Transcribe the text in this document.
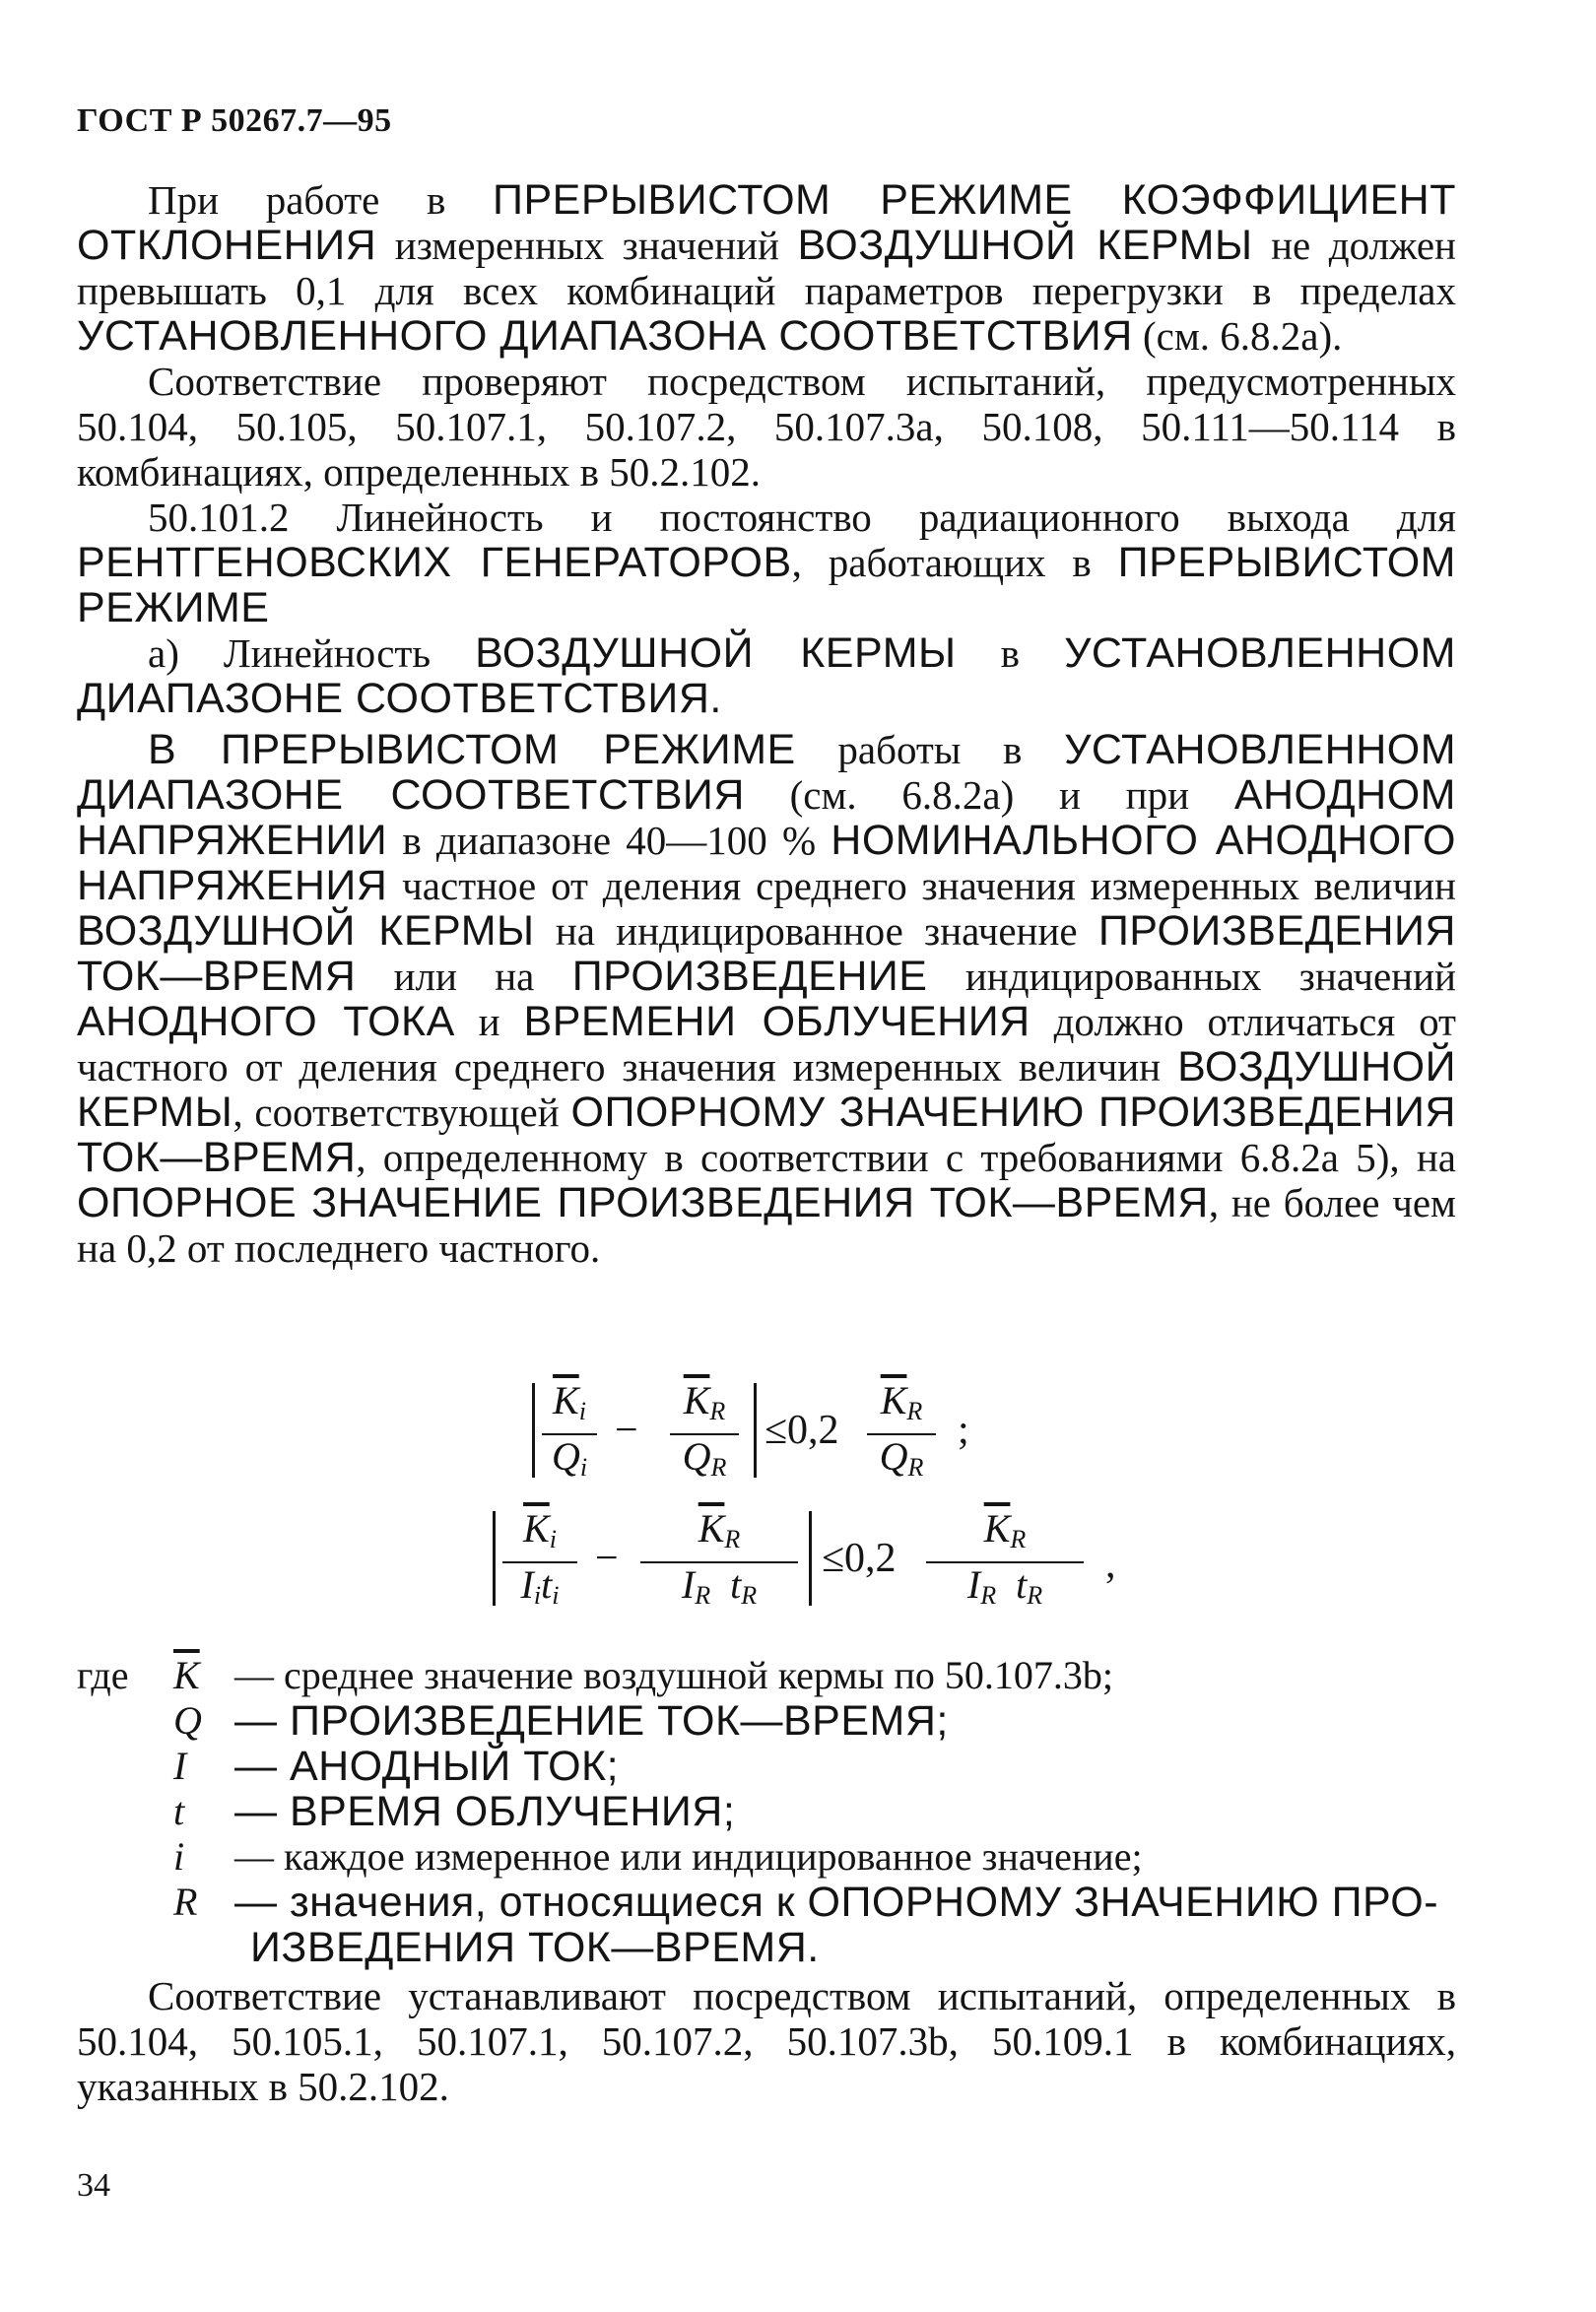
ГОСТ Р 50267.7—95

При работе в ПРЕРЫВИСТОМ РЕЖИМЕ КОЭФФИЦИЕНТ ОТКЛОНЕНИЯ измеренных значений ВОЗДУШНОЙ КЕРМЫ не должен превышать 0,1 для всех комбинаций параметров перегрузки в пределах УСТАНОВЛЕННОГО ДИАПАЗОНА СООТВЕТСТВИЯ (см. 6.8.2а).

Соответствие проверяют посредством испытаний, предусмотренных 50.104, 50.105, 50.107.1, 50.107.2, 50.107.3а, 50.108, 50.111—50.114 в комбинациях, определенных в 50.2.102.

50.101.2 Линейность и постоянство радиационного выхода для РЕНТГЕНОВСКИХ ГЕНЕРАТОРОВ, работающих в ПРЕРЫВИСТОМ РЕЖИМЕ

а) Линейность ВОЗДУШНОЙ КЕРМЫ в УСТАНОВЛЕННОМ ДИАПАЗОНЕ СООТВЕТСТВИЯ.

В ПРЕРЫВИСТОМ РЕЖИМЕ работы в УСТАНОВЛЕННОМ ДИАПАЗОНЕ СООТВЕТСТВИЯ (см. 6.8.2а) и при АНОДНОМ НАПРЯЖЕНИИ в диапазоне 40—100 % НОМИНАЛЬНОГО АНОДНОГО НАПРЯЖЕНИЯ частное от деления среднего значения измеренных величин ВОЗДУШНОЙ КЕРМЫ на индицированное значение ПРОИЗВЕДЕНИЯ ТОК—ВРЕМЯ или на ПРОИЗВЕДЕНИЕ индицированных значений АНОДНОГО ТОКА и ВРЕМЕНИ ОБЛУЧЕНИЯ должно отличаться от частного от деления среднего значения измеренных величин ВОЗДУШНОЙ КЕРМЫ, соответствующей ОПОРНОМУ ЗНАЧЕНИЮ ПРОИЗВЕДЕНИЯ ТОК—ВРЕМЯ, определенному в соответствии с требованиями 6.8.2а 5), на ОПОРНОЕ ЗНАЧЕНИЕ ПРОИЗВЕДЕНИЯ ТОК—ВРЕМЯ, не более чем на 0,2 от последнего частного.

$\frac{\overline{K}_i}{Q_i} - \frac{\overline{K}_R}{Q_R} \le 0,2 \frac{\overline{K}_R}{Q_R}$ ;
$\overline{K}_i$
$I_it_i$
− $\frac{\overline{K}_R}{I_R t_R} \le 0,2 \frac{\overline{K}_R}{I_R t_R}$ ,
где $\overline{K}$ — среднее значение воздушной кермы по 50.107.3b;
Q — ПРОИЗВЕДЕНИЕ ТОК—ВРЕМЯ;
I — АНОДНЫЙ ТОК;
t — ВРЕМЯ ОБЛУЧЕНИЯ;
i — каждое измеренное или индицированное значение;
R — значения, относящиеся к ОПОРНОМУ ЗНАЧЕНИЮ ПРО-
ИЗВЕДЕНИЯ ТОК—ВРЕМЯ.

Соответствие устанавливают посредством испытаний, определенных в 50.104, 50.105.1, 50.107.1, 50.107.2, 50.107.3b, 50.109.1 в комбинациях, указанных в 50.2.102.

34
